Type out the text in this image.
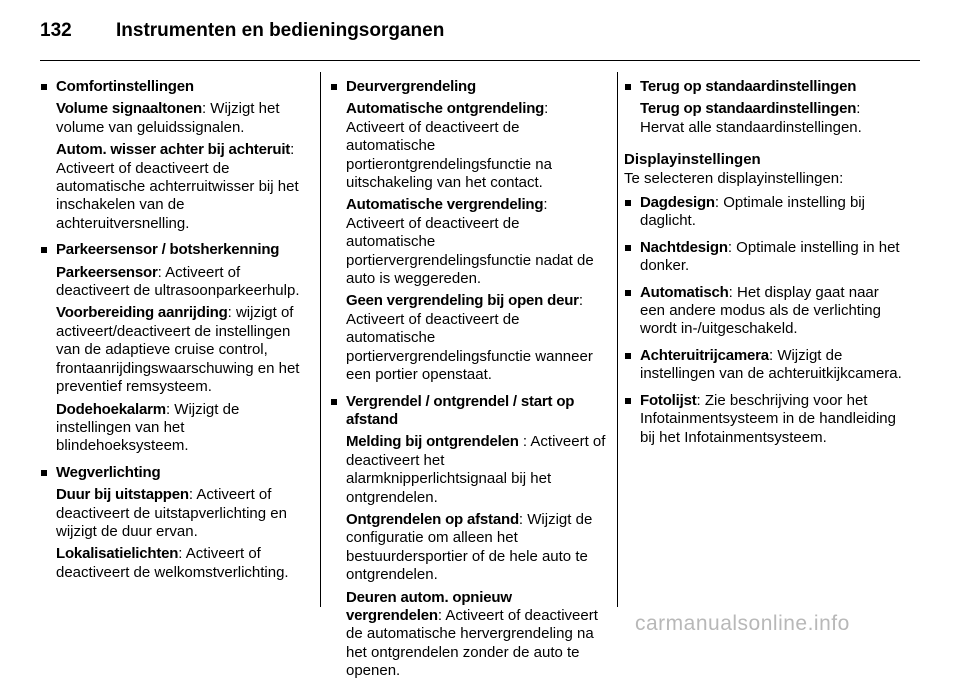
132 Instrumenten en bedieningsorganen
Comfortinstellingen
Volume signaaltonen: Wijzigt het volume van geluidssignalen.
Autom. wisser achter bij achteruit: Activeert of deactiveert de automatische achterruitwisser bij het inschakelen van de achteruitversnelling.
Parkeersensor / botsherkenning
Parkeersensor: Activeert of deactiveert de ultrasoonparkeerhulp.
Voorbereiding aanrijding: wijzigt of activeert/deactiveert de instellingen van de adaptieve cruise control, frontaanrijdingswaarschuwing en het preventief remsysteem.
Dodehoekalarm: Wijzigt de instellingen van het blindehoeksysteem.
Wegverlichting
Duur bij uitstappen: Activeert of deactiveert de uitstapverlichting en wijzigt de duur ervan.
Lokalisatielichten: Activeert of deactiveert de welkomstverlichting.
Deurvergrendeling
Automatische ontgrendeling: Activeert of deactiveert de automatische portierontgrendelingsfunctie na uitschakeling van het contact.
Automatische vergrendeling: Activeert of deactiveert de automatische portiervergrendelingsfunctie nadat de auto is weggereden.
Geen vergrendeling bij open deur: Activeert of deactiveert de automatische portiervergrendelingsfunctie wanneer een portier openstaat.
Vergrendel / ontgrendel / start op afstand
Melding bij ontgrendelen : Activeert of deactiveert het alarmknipperlichtsignaal bij het ontgrendelen.
Ontgrendelen op afstand: Wijzigt de configuratie om alleen het bestuurdersportier of de hele auto te ontgrendelen.
Deuren autom. opnieuw vergrendelen: Activeert of deactiveert de automatische hervergrendeling na het ontgrendelen zonder de auto te openen.
Terug op standaardinstellingen
Terug op standaardinstellingen: Hervat alle standaardinstellingen.
Displayinstellingen
Te selecteren displayinstellingen:
Dagdesign: Optimale instelling bij daglicht.
Nachtdesign: Optimale instelling in het donker.
Automatisch: Het display gaat naar een andere modus als de verlichting wordt in-/uitgeschakeld.
Achteruitrijcamera: Wijzigt de instellingen van de achteruitkijkcamera.
Fotolijst: Zie beschrijving voor het Infotainmentsysteem in de handleiding bij het Infotainmentsysteem.
carmanualsonline.info
